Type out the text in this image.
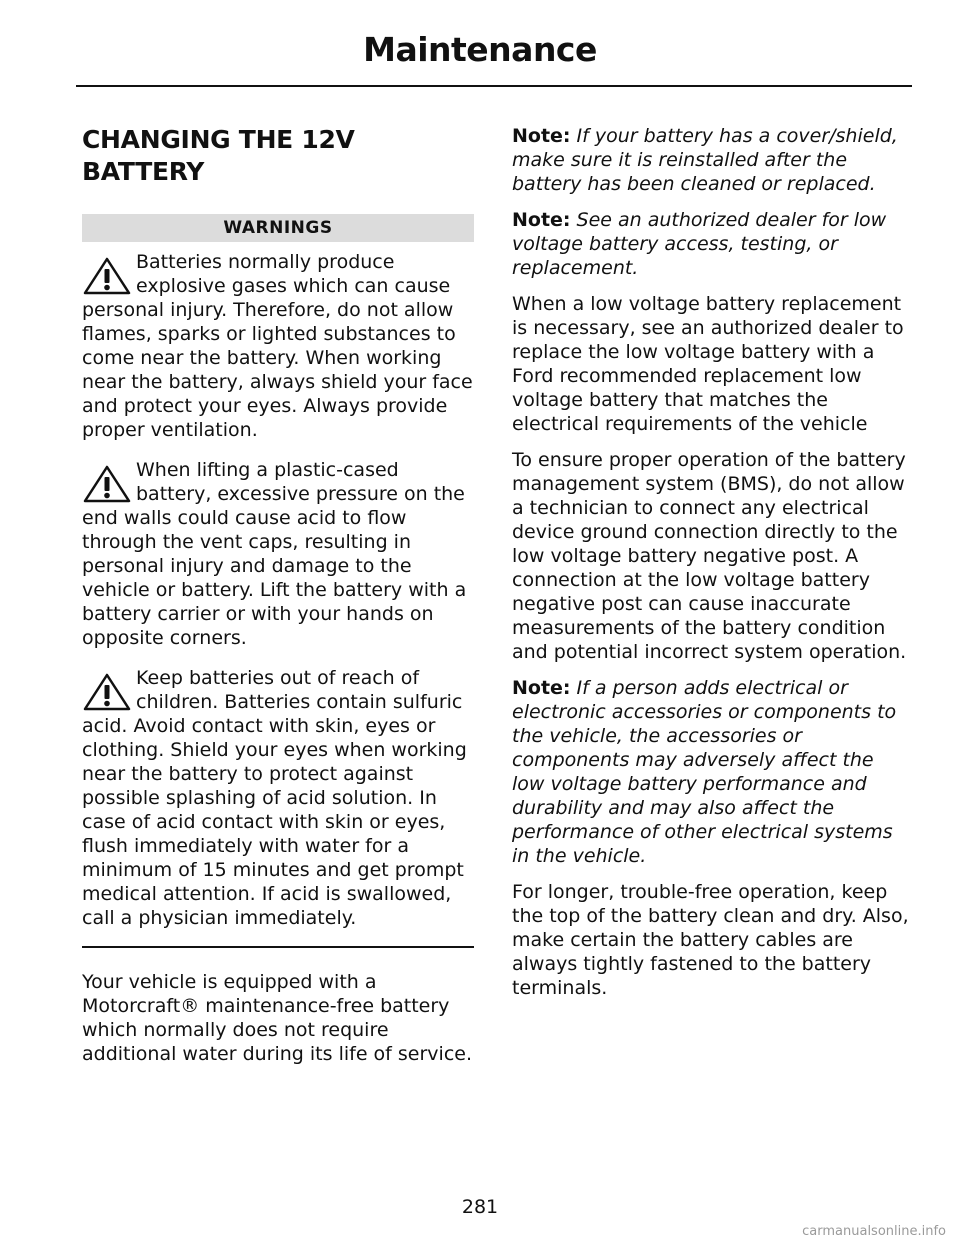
Maintenance
CHANGING THE 12V
BATTERY
WARNINGS

Batteries normally produce explosive gases which can cause personal injury. Therefore, do not allow flames, sparks or lighted substances to come near the battery. When working near the battery, always shield your face and protect your eyes. Always provide proper ventilation.

When lifting a plastic-cased battery, excessive pressure on the end walls could cause acid to flow through the vent caps, resulting in personal injury and damage to the vehicle or battery. Lift the battery with a battery carrier or with your hands on opposite corners.

Keep batteries out of reach of children. Batteries contain sulfuric acid. Avoid contact with skin, eyes or clothing. Shield your eyes when working near the battery to protect against possible splashing of acid solution. In case of acid contact with skin or eyes, flush immediately with water for a minimum of 15 minutes and get prompt medical attention. If acid is swallowed, call a physician immediately.

Your vehicle is equipped with a Motorcraft® maintenance-free battery which normally does not require additional water during its life of service.

Note: If your battery has a cover/shield, make sure it is reinstalled after the battery has been cleaned or replaced.

Note: See an authorized dealer for low voltage battery access, testing, or replacement.

When a low voltage battery replacement is necessary, see an authorized dealer to replace the low voltage battery with a Ford recommended replacement low voltage battery that matches the electrical requirements of the vehicle

To ensure proper operation of the battery management system (BMS), do not allow a technician to connect any electrical device ground connection directly to the low voltage battery negative post. A connection at the low voltage battery negative post can cause inaccurate measurements of the battery condition and potential incorrect system operation.

Note: If a person adds electrical or electronic accessories or components to the vehicle, the accessories or components may adversely affect the low voltage battery performance and durability and may also affect the performance of other electrical systems in the vehicle.

For longer, trouble-free operation, keep the top of the battery clean and dry. Also, make certain the battery cables are always tightly fastened to the battery terminals.

281
carmanualsonline.info
